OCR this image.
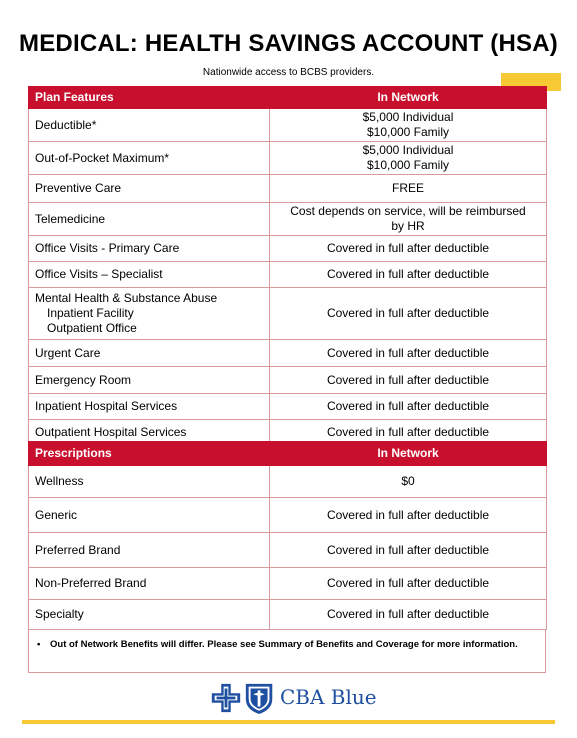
MEDICAL: HEALTH SAVINGS ACCOUNT (HSA)
Nationwide access to BCBS providers.
Plan Features	In Network
Deductible*	$5,000 Individual
$10,000 Family
Out-of-Pocket Maximum*	$5,000 Individual
$10,000 Family
Preventive Care	FREE
Telemedicine	Cost depends on service, will be reimbursed
by HR
Office Visits - Primary Care	Covered in full after deductible
Office Visits – Specialist	Covered in full after deductible
Mental Health & Substance Abuse
Inpatient Facility
Outpatient Office	Covered in full after deductible
Urgent Care	Covered in full after deductible
Emergency Room	Covered in full after deductible
Inpatient Hospital Services	Covered in full after deductible
Outpatient Hospital Services	Covered in full after deductible
Prescriptions	In Network
Wellness	$0
Generic	Covered in full after deductible
Preferred Brand	Covered in full after deductible
Non-Preferred Brand	Covered in full after deductible
Specialty	Covered in full after deductible
•	Out of Network Benefits will differ. Please see Summary of Benefits and Coverage for more information.
CBA Blue
